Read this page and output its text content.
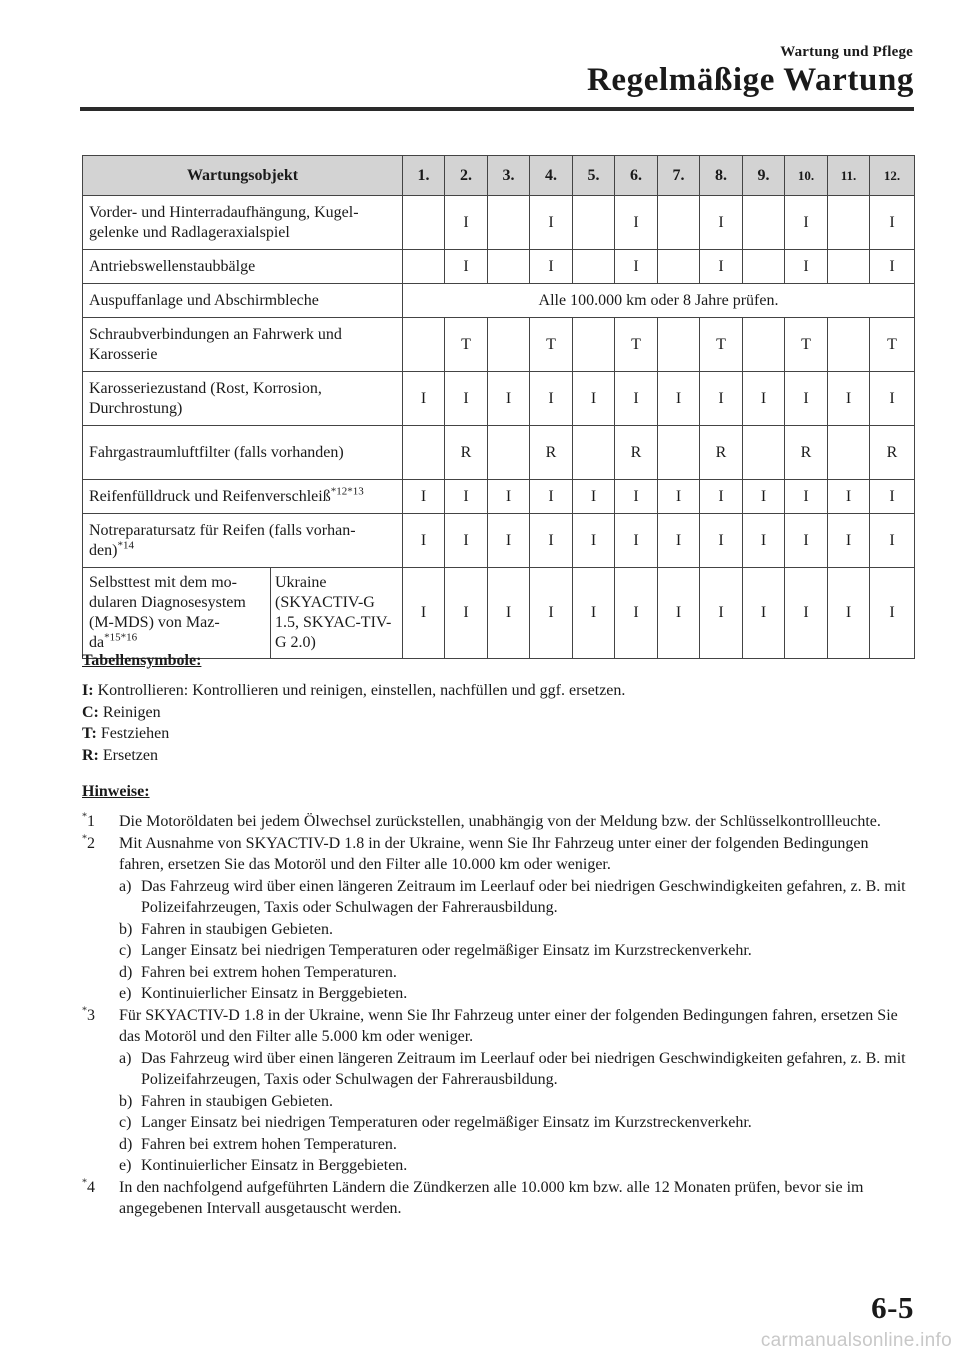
Wartung und Pflege
Regelmäßige Wartung
Wartungsobjekt		1.	2.	3.	4.	5.	6.	7.	8.	9.	10.	11.	12.
Vorder- und Hinterradaufhängung, Kugel-gelenke und Radlageraxialspiel			I		I		I		I		I		I
Antriebswellenstaubbälge			I		I		I		I		I		I
Auspuffanlage und Abschirmbleche		Alle 100.000 km oder 8 Jahre prüfen.											
Schraubverbindungen an Fahrwerk und Karosserie			T		T		T		T		T		T
Karosseriezustand (Rost, Korrosion, Durchrostung)		I	I	I	I	I	I	I	I	I	I	I	I
Fahrgastraumluftfilter (falls vorhanden)			R		R		R		R		R		R
Reifenfülldruck und Reifenverschleiß$^{*12*13}$		I	I	I	I	I	I	I	I	I	I	I	I
Notreparatursatz für Reifen (falls vorhan-den)$^{*14}$		I	I	I	I	I	I	I	I	I	I	I	I
Selbsttest mit dem mo-dularen Diagnosesystem (M-MDS) von Maz-$da^{*15*16}$	Ukraine (SKYACTIV-G 1.5, SKYAC-TIV-G 2.0)	I	I	I	I	I	I	I	I	I	I	I	I

Tabellensymbole:

I: Kontrollieren: Kontrollieren und reinigen, einstellen, nachfüllen und ggf. ersetzen.

C: Reinigen

T: Festziehen

R: Ersetzen

Hinweise:

*1 Die Motoröldaten bei jedem Ölwechsel zurückstellen, unabhängig von der Meldung bzw. der Schlüsselkontrollleuchte.
*2 Mit Ausnahme von SKYACTIV-D 1.8 in der Ukraine, wenn Sie Ihr Fahrzeug unter einer der folgenden Bedingungen fahren, ersetzen Sie das Motoröl und den Filter alle 10.000 km oder weniger.
a) Das Fahrzeug wird über einen längeren Zeitraum im Leerlauf oder bei niedrigen Geschwindigkeiten gefahren, z. B. mit Polizeifahrzeugen, Taxis oder Schulwagen der Fahrerausbildung.
b) Fahren in staubigen Gebieten.
c) Langer Einsatz bei niedrigen Temperaturen oder regelmäßiger Einsatz im Kurzstreckenverkehr.
d) Fahren bei extrem hohen Temperaturen.
e) Kontinuierlicher Einsatz in Berggebieten.
*3 Für SKYACTIV-D 1.8 in der Ukraine, wenn Sie Ihr Fahrzeug unter einer der folgenden Bedingungen fahren, ersetzen Sie das Motoröl und den Filter alle 5.000 km oder weniger.
a) Das Fahrzeug wird über einen längeren Zeitraum im Leerlauf oder bei niedrigen Geschwindigkeiten gefahren, z. B. mit Polizeifahrzeugen, Taxis oder Schulwagen der Fahrerausbildung.
b) Fahren in staubigen Gebieten.
c) Langer Einsatz bei niedrigen Temperaturen oder regelmäßiger Einsatz im Kurzstreckenverkehr.
d) Fahren bei extrem hohen Temperaturen.
e) Kontinuierlicher Einsatz in Berggebieten.
*4 In den nachfolgend aufgeführten Ländern die Zündkerzen alle 10.000 km bzw. alle 12 Monaten prüfen, bevor sie im angegebenen Intervall ausgetauscht werden.
6-5
carmanualsonline.info
